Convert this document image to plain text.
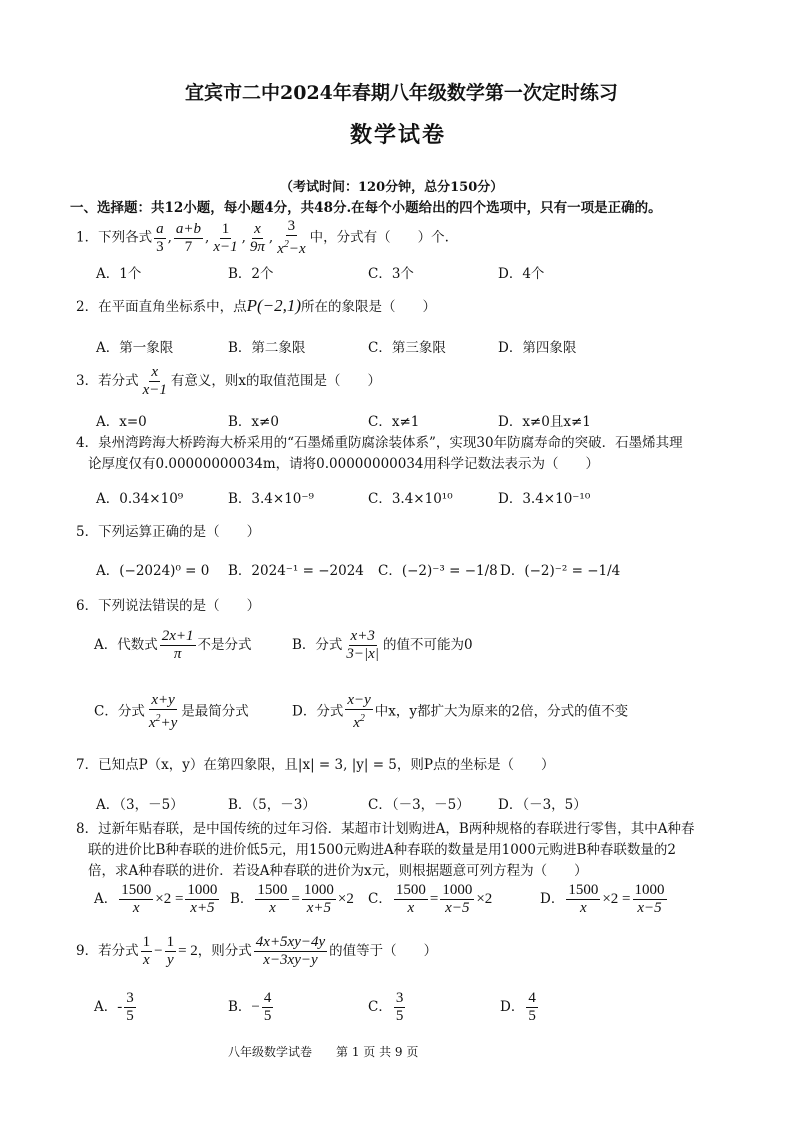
宜宾市二中2024年春期八年级数学第一次定时练习
数学试卷
（考试时间：120分钟，总分150分）
一、选择题：共12小题，每小题4分，共48分.在每个小题给出的四个选项中，只有一项是正确的。
1．下列各式 $\frac{a}{3}$ , $\frac{a+b}{7}$ , $\frac{1}{x-1}$ , $\frac{x}{9\pi}$ , $\frac{3}{x^2-x}$ 中，分式有（　　）个.
A．1个	B．2个	C．3个	D．4个
2．在平面直角坐标系中，点P(−2,1)所在的象限是（　　）
A．第一象限	B．第二象限	C．第三象限	D．第四象限
3．若分式 $\frac{x}{x-1}$ 有意义，则x的取值范围是（　　）
A．x=0	B．x≠0	C．x≠1	D．x≠0且x≠1
4．泉州湾跨海大桥跨海大桥采用的“石墨烯重防腐涂装体系”，实现30年防腐寿命的突破．石墨烯其理
论厚度仅有0.00000000034m，请将0.00000000034用科学记数法表示为（　　）
A．0.34×10⁹	B．3.4×10⁻⁹	C．3.4×10¹⁰	D．3.4×10⁻¹⁰
5．下列运算正确的是（　　）
A．(−2024)⁰ = 0 B．2024⁻¹ = −2024 C．(−2)⁻³ = −1/8 D．(−2)⁻² = −1/4
6．下列说法错误的是（　　）
A．代数式 $\frac{2x+1}{\pi}$ 不是分式	B．分式 $\frac{x+3}{3-|x|}$ 的值不可能为0
C．分式 $\frac{x+y}{x^2+y}$ 是最简分式	D．分式 $\frac{x-y}{x^2}$ 中x，y都扩大为原来的2倍，分式的值不变
7．已知点P（x，y）在第四象限，且|x| = 3, |y| = 5，则P点的坐标是（　　）
A．（3，－5）	B．（5，－3）	C．（－3，－5） D．（－3，5）
8．过新年贴春联，是中国传统的过年习俗．某超市计划购进A，B两种规格的春联进行零售，其中A种春
联的进价比B种春联的进价低5元，用1500元购进A种春联的数量是用1000元购进B种春联数量的2
倍，求A种春联的进价．若设A种春联的进价为x元，则根据题意可列方程为（　　）
A． $\frac{1500}{x} \times 2 = \frac{1000}{x+5}$ B． $\frac{1500}{x} = \frac{1000}{x+5} \times 2$ C． $\frac{1500}{x} = \frac{1000}{x-5} \times 2$	D． $\frac{1500}{x} \times 2 = \frac{1000}{x-5}$
9．若分式 $\frac{1}{x} - \frac{1}{y} = 2$，则分式 $\frac{4x+5xy-4y}{x-3xy-y}$ 的值等于（　　）
A．- $\frac{3}{5}$	B．− $\frac{4}{5}$	C． $\frac{3}{5}$	D． $\frac{4}{5}$
八年级数学试卷　　第 1 页 共 9 页
